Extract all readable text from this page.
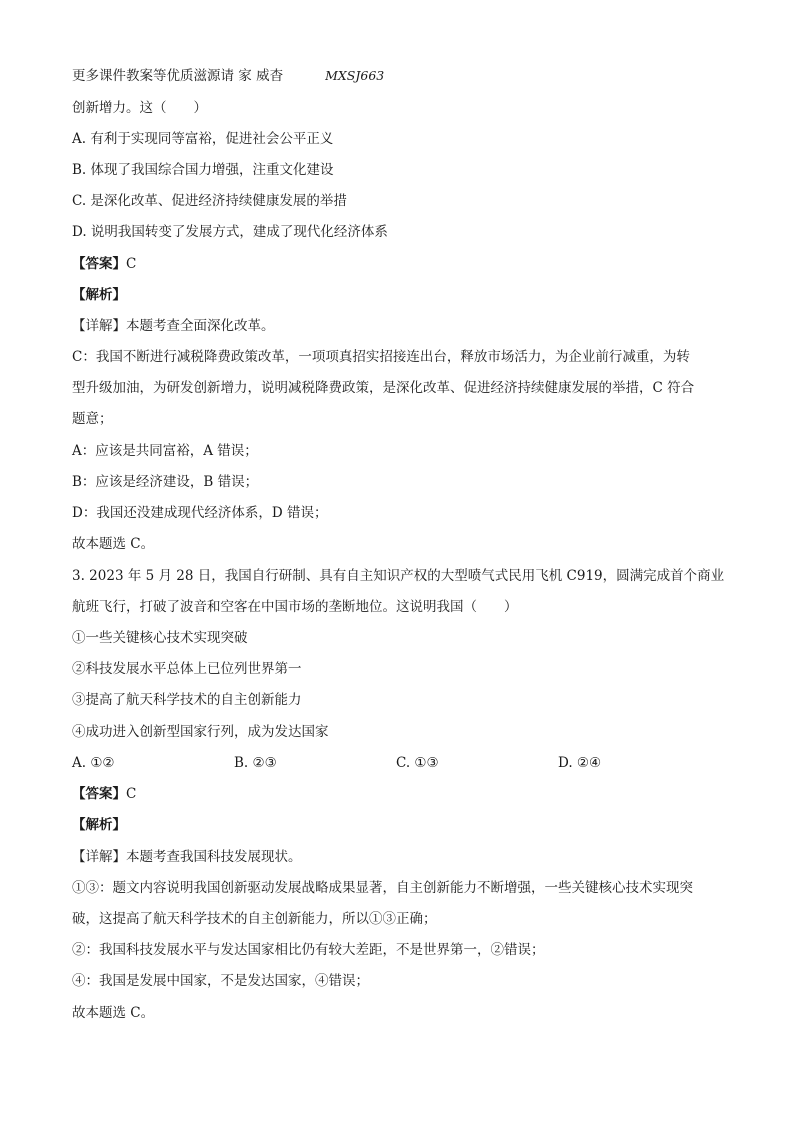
更多课件教案等优质滋源请 家 威杳	MXSJ663
创新增力。这（　　）
A. 有利于实现同等富裕，促进社会公平正义
B. 体现了我国综合国力增强，注重文化建设
C. 是深化改革、促进经济持续健康发展的举措
D. 说明我国转变了发展方式，建成了现代化经济体系
【答案】C
【解析】
【详解】本题考查全面深化改革。
C：我国不断进行减税降费政策改革，一项项真招实招接连出台，释放市场活力，为企业前行减重，为转
型升级加油，为研发创新增力，说明减税降费政策，是深化改革、促进经济持续健康发展的举措，C 符合
题意；
A：应该是共同富裕，A 错误；
B：应该是经济建设，B 错误；
D：我国还没建成现代经济体系，D 错误；
故本题选 C。
3. 2023 年 5 月 28 日，我国自行研制、具有自主知识产权的大型喷气式民用飞机 C919，圆满完成首个商业
航班飞行，打破了波音和空客在中国市场的垄断地位。这说明我国（　　）
①一些关键核心技术实现突破
②科技发展水平总体上已位列世界第一
③提高了航天科学技术的自主创新能力
④成功进入创新型国家行列，成为发达国家
A. ①②	B. ②③	C. ①③	D. ②④
【答案】C
【解析】
【详解】本题考查我国科技发展现状。
①③：题文内容说明我国创新驱动发展战略成果显著，自主创新能力不断增强，一些关键核心技术实现突
破，这提高了航天科学技术的自主创新能力，所以①③正确；
②：我国科技发展水平与发达国家相比仍有较大差距，不是世界第一，②错误；
④：我国是发展中国家，不是发达国家，④错误；
故本题选 C。
